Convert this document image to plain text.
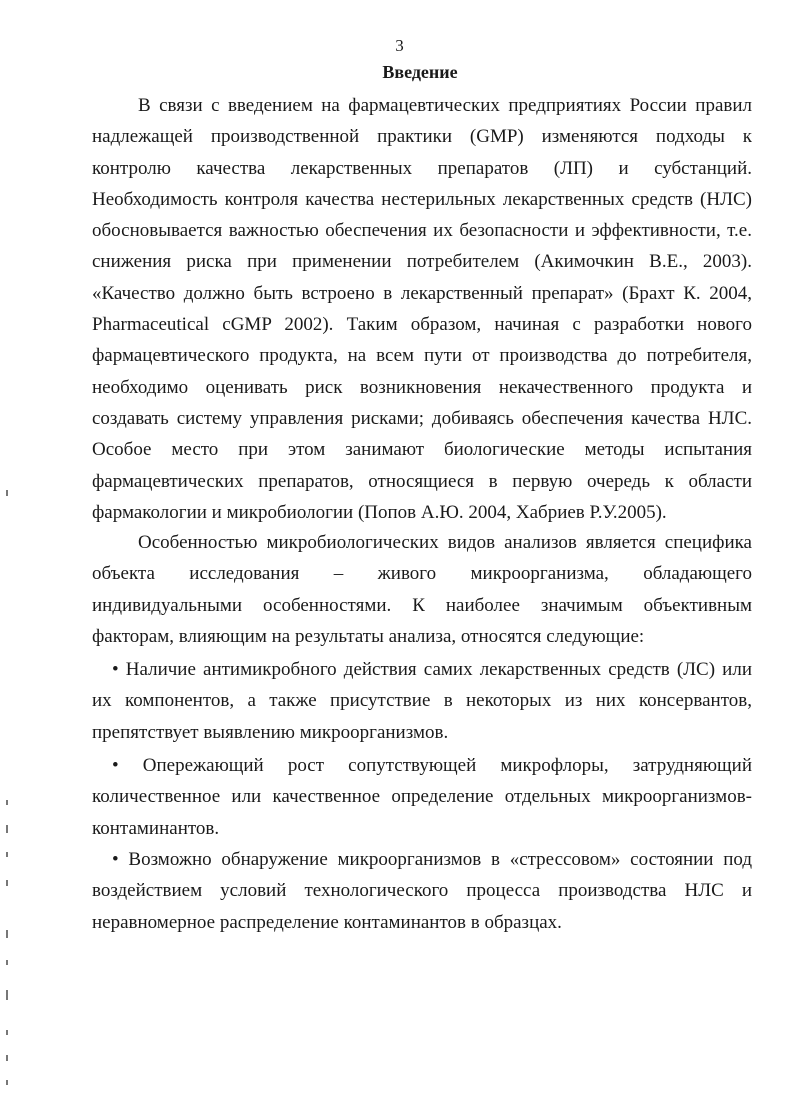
3
Введение
В связи с введением на фармацевтических предприятиях России правил
надлежащей производственной практики (GMP) изменяются подходы к
контролю качества лекарственных препаратов (ЛП) и субстанций.
Необходимость контроля качества нестерильных лекарственных средств (НЛС)
обосновывается важностью обеспечения их безопасности и эффективности, т.е.
снижения риска при применении потребителем (Акимочкин В.Е., 2003).
«Качество должно быть встроено в лекарственный препарат» (Брахт К. 2004,
Pharmaceutical cGMP 2002). Таким образом, начиная с разработки нового
фармацевтического продукта, на всем пути от производства до потребителя,
необходимо оценивать риск возникновения некачественного продукта и
создавать систему управления рисками; добиваясь обеспечения качества НЛС.
Особое место при этом занимают биологические методы испытания
фармацевтических препаратов, относящиеся в первую очередь к области
фармакологии и микробиологии (Попов А.Ю. 2004, Хабриев Р.У.2005).
Особенностью микробиологических видов анализов является специфика
объекта исследования – живого микроорганизма, обладающего
индивидуальными особенностями. К наиболее значимым объективным
факторам, влияющим на результаты анализа, относятся следующие:
• Наличие антимикробного действия самих лекарственных средств (ЛС) или
их компонентов, а также присутствие в некоторых из них консервантов,
препятствует выявлению микроорганизмов.
• Опережающий рост сопутствующей микрофлоры, затрудняющий
количественное или качественное определение отдельных микроорганизмов-
контаминантов.
• Возможно обнаружение микроорганизмов в «стрессовом» состоянии под
воздействием условий технологического процесса производства НЛС и
неравномерное распределение контаминантов в образцах.
